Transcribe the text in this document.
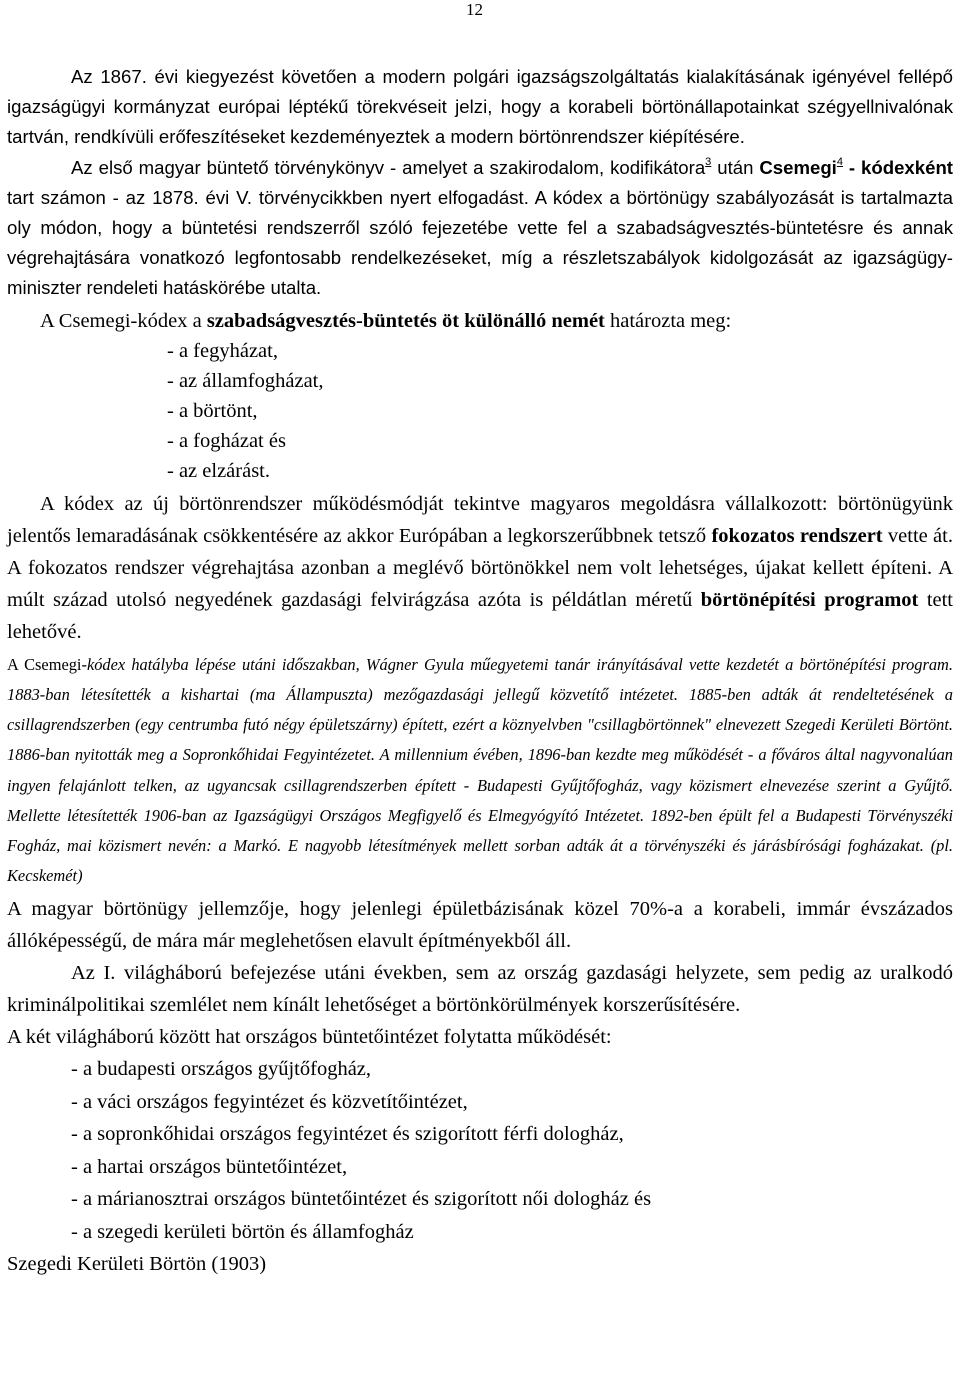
12

Az 1867. évi kiegyezést követően a modern polgári igazságszolgáltatás kialakításának igényével fellépő igazságügyi kormányzat európai léptékű törekvéseit jelzi, hogy a korabeli börtönállapotainkat szégyellnivalónak tartván, rendkívüli erőfeszítéseket kezdeményeztek a modern börtönrendszer kiépítésére.

Az első magyar büntető törvénykönyv - amelyet a szakirodalom, kodifikátora$^3$ után Csemegi$^4$ - kódexként tart számon - az 1878. évi V. törvénycikkben nyert elfogadást. A kódex a börtönügy szabályozását is tartalmazta oly módon, hogy a büntetési rendszerről szóló fejezetébe vette fel a szabadságvesztés-büntetésre és annak végrehajtására vonatkozó legfontosabb rendelkezéseket, míg a részletszabályok kidolgozását az igazságügy-miniszter rendeleti hatáskörébe utalta.

A Csemegi-kódex a szabadságvesztés-büntetés öt különálló nemét határozta meg:

- a fegyházat,
- az államfogházat,
- a börtönt,
- a fogházat és
- az elzárást.

A kódex az új börtönrendszer működésmódját tekintve magyaros megoldásra vállalkozott: börtönügyünk jelentős lemaradásának csökkentésére az akkor Európában a legkorszerűbbnek tetsző fokozatos rendszert vette át. A fokozatos rendszer végrehajtása azonban a meglévő börtönökkel nem volt lehetséges, újakat kellett építeni. A múlt század utolsó negyedének gazdasági felvirágzása azóta is példátlan méretű börtönépítési programot tett lehetővé.

A Csemegi-kódex hatályba lépése utáni időszakban, Wágner Gyula műegyetemi tanár irányításával vette kezdetét a börtönépítési program. 1883-ban létesítették a kishartai (ma Állampuszta) mezőgazdasági jellegű közvetítő intézetet. 1885-ben adták át rendeltetésének a csillagrendszerben (egy centrumba futó négy épületszárny) épített, ezért a köznyelvben "csillagbörtönnek" elnevezett Szegedi Kerületi Börtönt. 1886-ban nyitották meg a Sopronkőhidai Fegyintézetet. A millennium évében, 1896-ban kezdte meg működését - a főváros által nagyvonalúan ingyen felajánlott telken, az ugyancsak csillagrendszerben épített - Budapesti Gyűjtőfogház, vagy közismert elnevezése szerint a Gyűjtő. Mellette létesítették 1906-ban az Igazságügyi Országos Megfigyelő és Elmegyógyító Intézetet. 1892-ben épült fel a Budapesti Törvényszéki Fogház, mai közismert nevén: a Markó. E nagyobb létesítmények mellett sorban adták át a törvényszéki és járásbírósági fogházakat. (pl. Kecskemét)

A magyar börtönügy jellemzője, hogy jelenlegi épületbázisának közel 70%-a a korabeli, immár évszázados állóképességű, de mára már meglehetősen elavult építményekből áll.

Az I. világháború befejezése utáni években, sem az ország gazdasági helyzete, sem pedig az uralkodó kriminálpolitikai szemlélet nem kínált lehetőséget a börtönkörülmények korszerűsítésére.

A két világháború között hat országos büntetőintézet folytatta működését:

- a budapesti országos gyűjtőfogház,
- a váci országos fegyintézet és közvetítőintézet,
- a sopronkőhidai országos fegyintézet és szigorított férfi dologház,
- a hartai országos büntetőintézet,
- a márianosztrai országos büntetőintézet és szigorított női dologház és
- a szegedi kerületi börtön és államfogház
Szegedi Kerületi Börtön (1903)
